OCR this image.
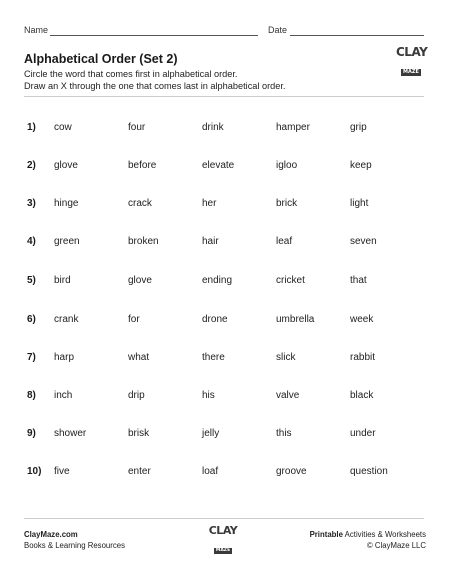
Name	Date
Alphabetical Order (Set 2)
Circle the word that comes first in alphabetical order.
Draw an X through the one that comes last in alphabetical order.
CLAY
MAZE
1)	cow	four	drink	hamper	grip
2)	glove	before	elevate	igloo	keep
3)	hinge	crack	her	brick	light
4)	green	broken	hair	leaf	seven
5)	bird	glove	ending	cricket	that
6)	crank	for	drone	umbrella	week
7)	harp	what	there	slick	rabbit
8)	inch	drip	his	valve	black
9)	shower	brisk	jelly	this	under
10)	five	enter	loaf	groove	question
ClayMaze.com
Books & Learning Resources
CLAY
MAZE
Printable Activities & Worksheets
© ClayMaze LLC
